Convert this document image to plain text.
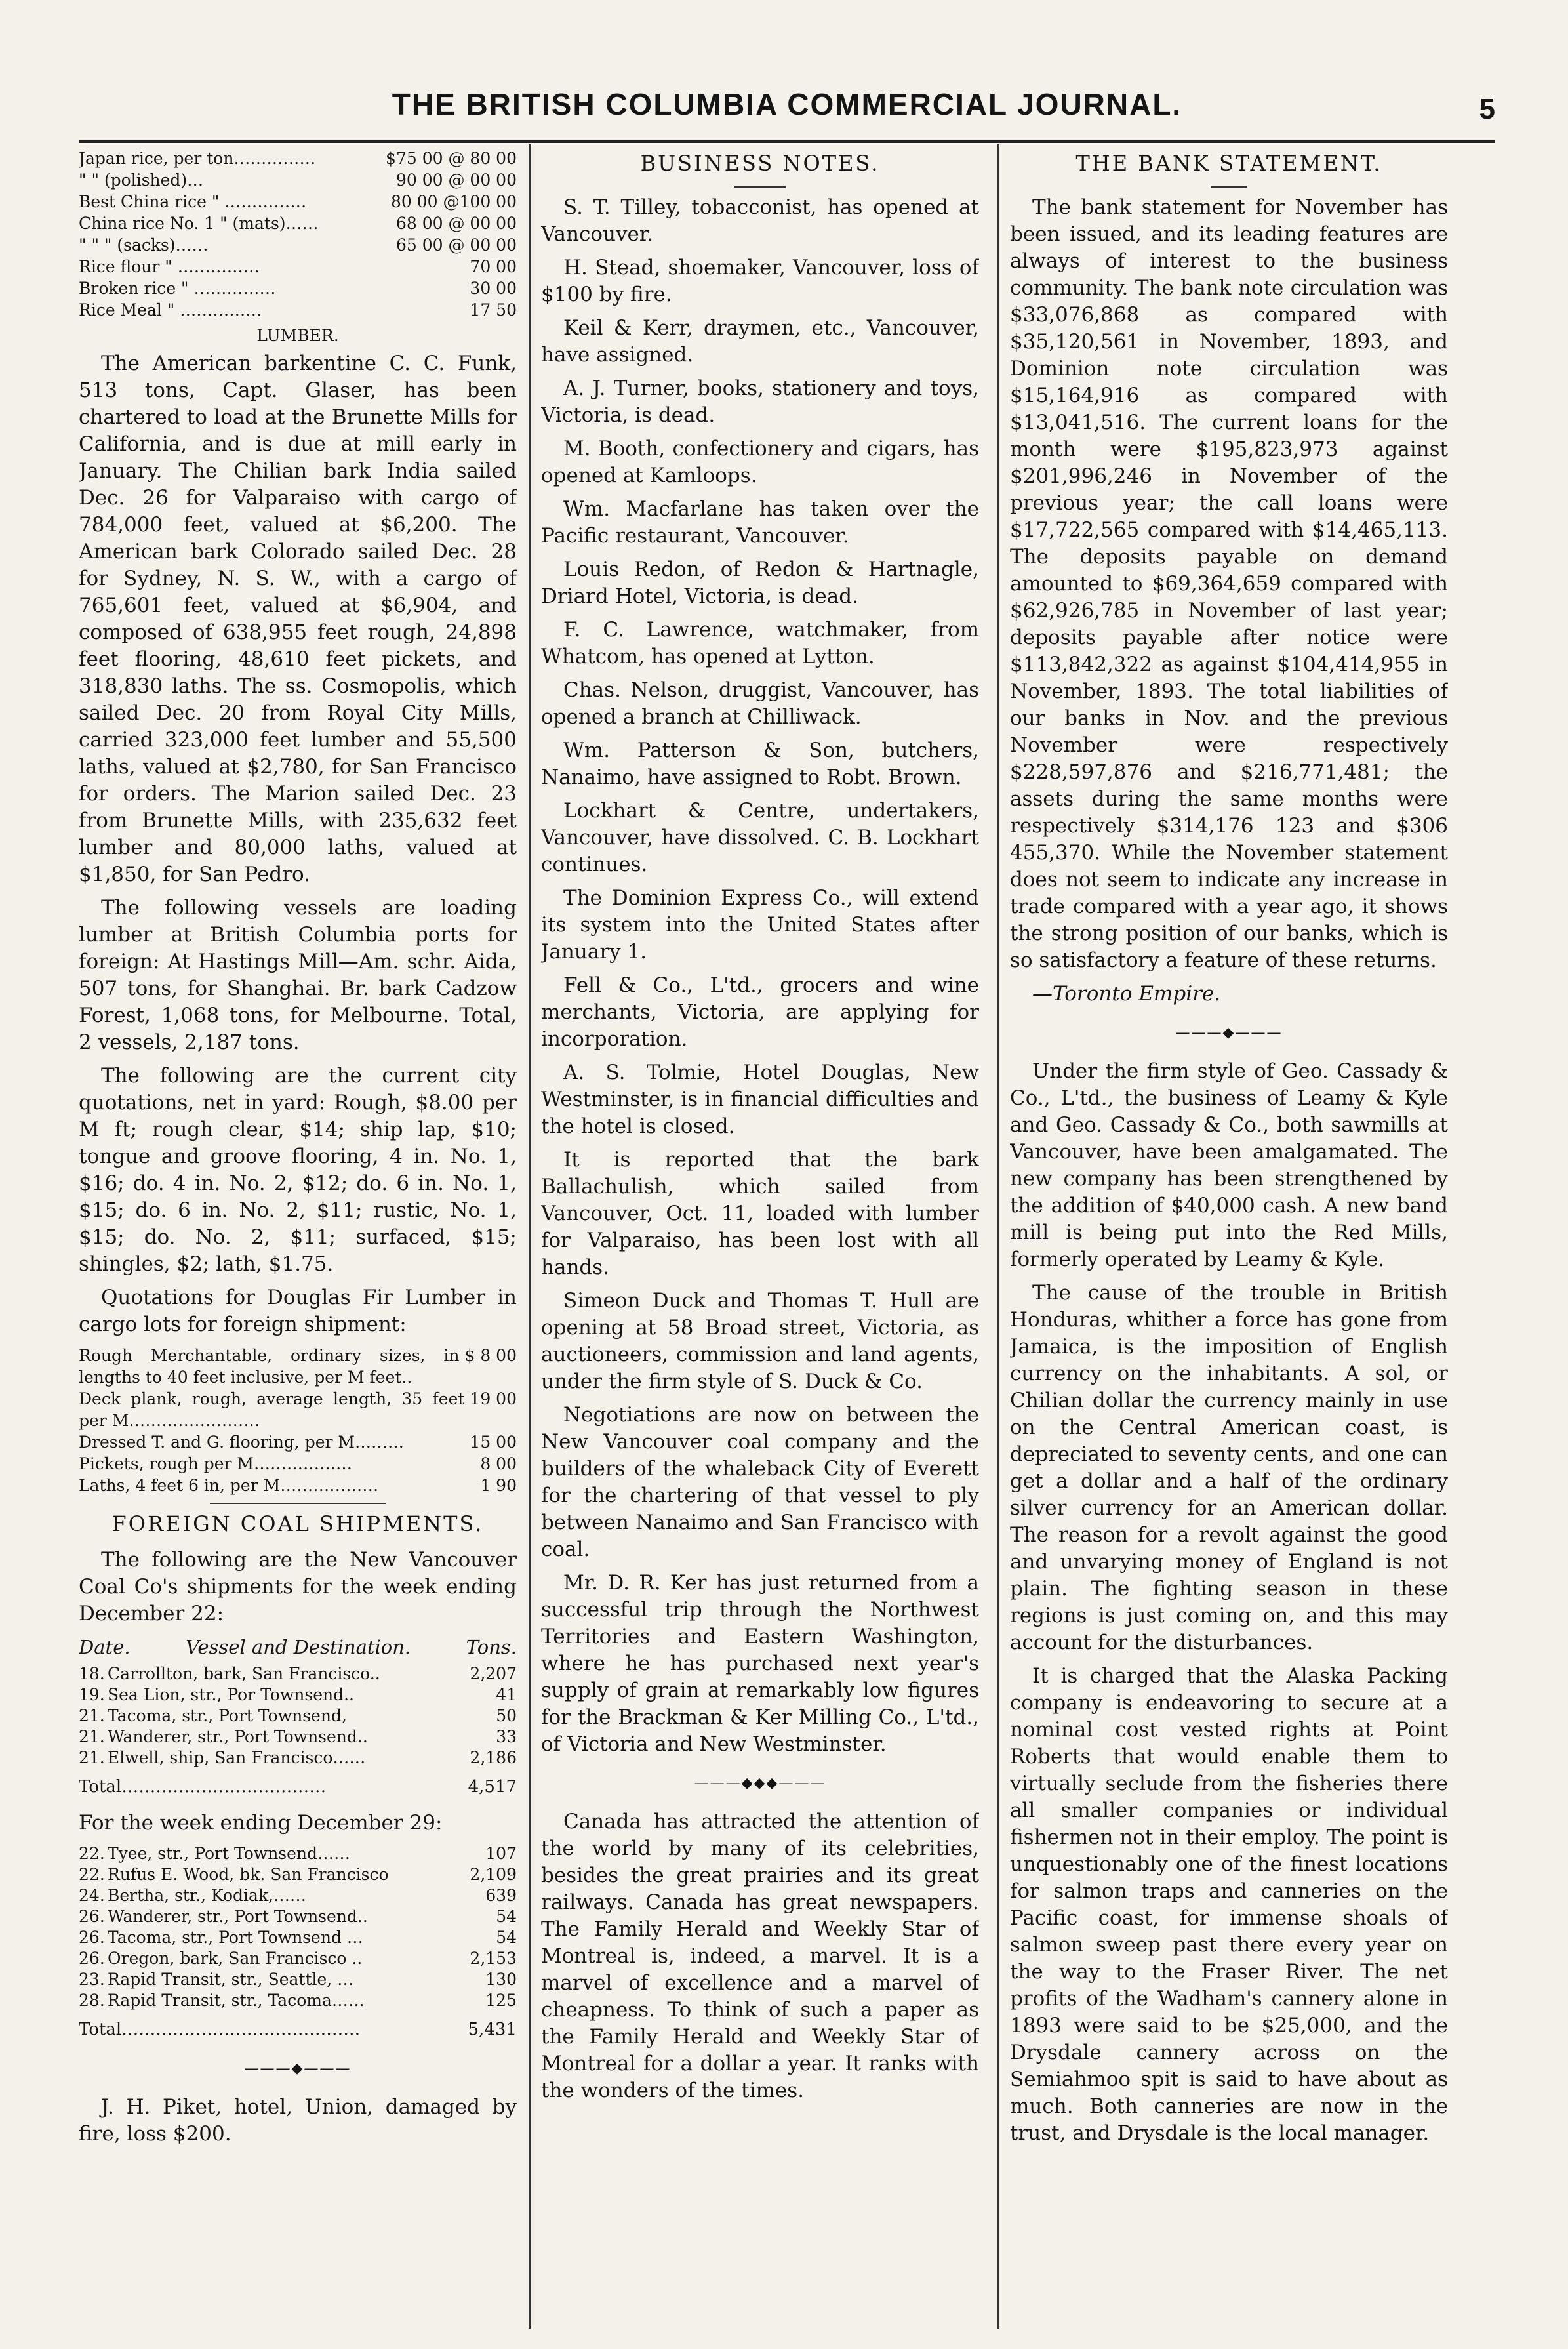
THE BRITISH COLUMBIA COMMERCIAL JOURNAL.	5
Japan rice, per ton……………	$75 00 @ 80 00
" " (polished)…	90 00 @ 00 00
Best China rice " ……………	80 00 @100 00
China rice No. 1 " (mats)……	68 00 @ 00 00
" " " (sacks)……	65 00 @ 00 00
Rice flour " ……………	70 00
Broken rice " ……………	30 00
Rice Meal " ……………	17 50
LUMBER.

The American barkentine C. C. Funk, 513 tons, Capt. Glaser, has been chartered to load at the Brunette Mills for California, and is due at mill early in January. The Chilian bark India sailed Dec. 26 for Valparaiso with cargo of 784,000 feet, valued at $6,200. The American bark Colorado sailed Dec. 28 for Sydney, N. S. W., with a cargo of 765,601 feet, valued at $6,904, and composed of 638,955 feet rough, 24,898 feet flooring, 48,610 feet pickets, and 318,830 laths. The ss. Cosmopolis, which sailed Dec. 20 from Royal City Mills, carried 323,000 feet lumber and 55,500 laths, valued at $2,780, for San Francisco for orders. The Marion sailed Dec. 23 from Brunette Mills, with 235,632 feet lumber and 80,000 laths, valued at $1,850, for San Pedro.

The following vessels are loading lumber at British Columbia ports for foreign: At Hastings Mill—Am. schr. Aida, 507 tons, for Shanghai. Br. bark Cadzow Forest, 1,068 tons, for Melbourne. Total, 2 vessels, 2,187 tons.

The following are the current city quotations, net in yard: Rough, $8.00 per M ft; rough clear, $14; ship lap, $10; tongue and groove flooring, 4 in. No. 1, $16; do. 4 in. No. 2, $12; do. 6 in. No. 1, $15; do. 6 in. No. 2, $11; rustic, No. 1, $15; do. No. 2, $11; surfaced, $15; shingles, $2; lath, $1.75.

Quotations for Douglas Fir Lumber in cargo lots for foreign shipment:

Rough Merchantable, ordinary sizes, in lengths to 40 feet inclusive, per M feet..
$ 8 00
Deck plank, rough, average length, 35 feet per M……………………
19 00
Dressed T. and G. flooring, per M………	15 00
Pickets, rough per M………………	8 00
Laths, 4 feet 6 in, per M………………	1 90
FOREIGN COAL SHIPMENTS.

The following are the New Vancouver Coal Co's shipments for the week ending December 22:

Date.	Vessel and Destination.	Tons.
18. Carrollton, bark, San Francisco..	2,207
19. Sea Lion, str., Por Townsend..	41
21. Tacoma, str., Port Townsend,	50
21. Wanderer, str., Port Townsend..	33
21. Elwell, ship, San Francisco……	2,186
Total………………………………	4,517

For the week ending December 29:

22. Tyee, str., Port Townsend……	107
22. Rufus E. Wood, bk. San Francisco	2,109
24. Bertha, str., Kodiak,……	639
26. Wanderer, str., Port Townsend..	54
26. Tacoma, str., Port Townsend …	54
26. Oregon, bark, San Francisco ..	2,153
23. Rapid Transit, str., Seattle, …	130
28. Rapid Transit, str., Tacoma……	125
Total……………………………………	5,431
———◆———

J. H. Piket, hotel, Union, damaged by fire, loss $200.

BUSINESS NOTES.

S. T. Tilley, tobacconist, has opened at Vancouver.

H. Stead, shoemaker, Vancouver, loss of $100 by fire.

Keil & Kerr, draymen, etc., Vancouver, have assigned.

A. J. Turner, books, stationery and toys, Victoria, is dead.

M. Booth, confectionery and cigars, has opened at Kamloops.

Wm. Macfarlane has taken over the Pacific restaurant, Vancouver.

Louis Redon, of Redon & Hartnagle, Driard Hotel, Victoria, is dead.

F. C. Lawrence, watchmaker, from Whatcom, has opened at Lytton.

Chas. Nelson, druggist, Vancouver, has opened a branch at Chilliwack.

Wm. Patterson & Son, butchers, Nanaimo, have assigned to Robt. Brown.

Lockhart & Centre, undertakers, Vancouver, have dissolved. C. B. Lockhart continues.

The Dominion Express Co., will extend its system into the United States after January 1.

Fell & Co., L'td., grocers and wine merchants, Victoria, are applying for incorporation.

A. S. Tolmie, Hotel Douglas, New Westminster, is in financial difficulties and the hotel is closed.

It is reported that the bark Ballachulish, which sailed from Vancouver, Oct. 11, loaded with lumber for Valparaiso, has been lost with all hands.

Simeon Duck and Thomas T. Hull are opening at 58 Broad street, Victoria, as auctioneers, commission and land agents, under the firm style of S. Duck & Co.

Negotiations are now on between the New Vancouver coal company and the builders of the whaleback City of Everett for the chartering of that vessel to ply between Nanaimo and San Francisco with coal.

Mr. D. R. Ker has just returned from a successful trip through the Northwest Territories and Eastern Washington, where he has purchased next year's supply of grain at remarkably low figures for the Brackman & Ker Milling Co., L'td., of Victoria and New Westminster.

———◆◆◆———

Canada has attracted the attention of the world by many of its celebrities, besides the great prairies and its great railways. Canada has great newspapers. The Family Herald and Weekly Star of Montreal is, indeed, a marvel. It is a marvel of excellence and a marvel of cheapness. To think of such a paper as the Family Herald and Weekly Star of Montreal for a dollar a year. It ranks with the wonders of the times.

THE BANK STATEMENT.

The bank statement for November has been issued, and its leading features are always of interest to the business community. The bank note circulation was $33,076,868 as compared with $35,120,561 in November, 1893, and Dominion note circulation was $15,164,916 as compared with $13,041,516. The current loans for the month were $195,823,973 against $201,996,246 in November of the previous year; the call loans were $17,722,565 compared with $14,465,113. The deposits payable on demand amounted to $69,364,659 compared with $62,926,785 in November of last year; deposits payable after notice were $113,842,322 as against $104,414,955 in November, 1893. The total liabilities of our banks in Nov. and the previous November were respectively $228,597,876 and $216,771,481; the assets during the same months were respectively $314,176 123 and $306 455,370. While the November statement does not seem to indicate any increase in trade compared with a year ago, it shows the strong position of our banks, which is so satisfactory a feature of these returns.

—Toronto Empire.

———◆———

Under the firm style of Geo. Cassady & Co., L'td., the business of Leamy & Kyle and Geo. Cassady & Co., both sawmills at Vancouver, have been amalgamated. The new company has been strengthened by the addition of $40,000 cash. A new band mill is being put into the Red Mills, formerly operated by Leamy & Kyle.

The cause of the trouble in British Honduras, whither a force has gone from Jamaica, is the imposition of English currency on the inhabitants. A sol, or Chilian dollar the currency mainly in use on the Central American coast, is depreciated to seventy cents, and one can get a dollar and a half of the ordinary silver currency for an American dollar. The reason for a revolt against the good and unvarying money of England is not plain. The fighting season in these regions is just coming on, and this may account for the disturbances.

It is charged that the Alaska Packing company is endeavoring to secure at a nominal cost vested rights at Point Roberts that would enable them to virtually seclude from the fisheries there all smaller companies or individual fishermen not in their employ. The point is unquestionably one of the finest locations for salmon traps and canneries on the Pacific coast, for immense shoals of salmon sweep past there every year on the way to the Fraser River. The net profits of the Wadham's cannery alone in 1893 were said to be $25,000, and the Drysdale cannery across on the Semiahmoo spit is said to have about as much. Both canneries are now in the trust, and Drysdale is the local manager.
